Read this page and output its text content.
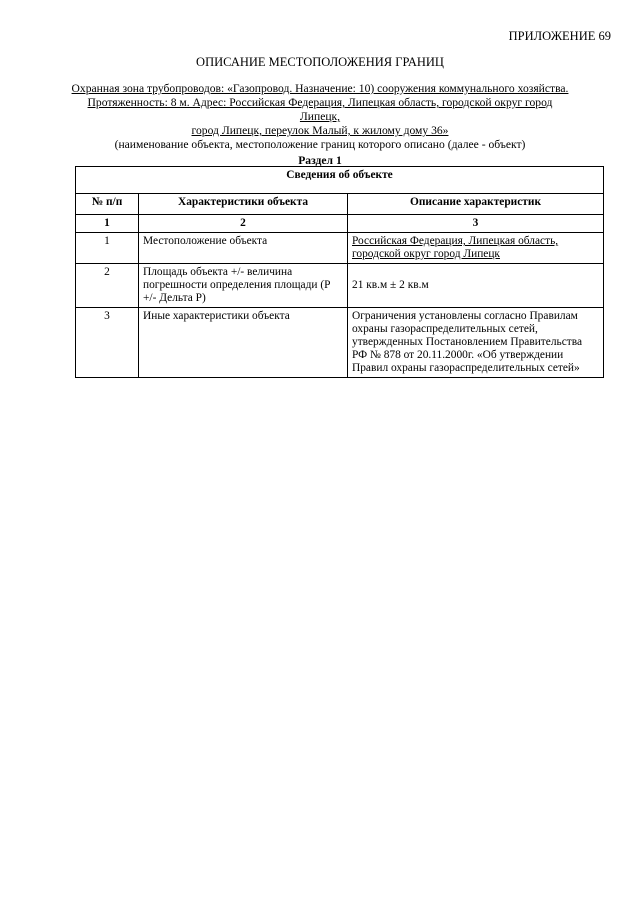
ПРИЛОЖЕНИЕ 69
ОПИСАНИЕ МЕСТОПОЛОЖЕНИЯ ГРАНИЦ
Охранная зона трубопроводов: «Газопровод. Назначение: 10) сооружения коммунального хозяйства.
Протяженность: 8 м. Адрес: Российская Федерация, Липецкая область, городской округ город Липецк,
город Липецк, переулок Малый, к жилому дому 36»
(наименование объекта, местоположение границ которого описано (далее - объект)
Раздел 1
Сведения об объекте		
№ п/п	Характеристики объекта	Описание характеристик
1	2	3
1	Местоположение объекта	Российская Федерация, Липецкая область, городской округ город Липецк
2	Площадь объекта +/- величина погрешности определения площади (Р +/- Дельта Р)	21 кв.м ± 2 кв.м
3	Иные характеристики объекта	Ограничения установлены согласно Правилам охраны газораспределительных сетей, утвержденных Постановлением Правительства РФ № 878 от 20.11.2000г. «Об утверждении Правил охраны газораспределительных сетей»
